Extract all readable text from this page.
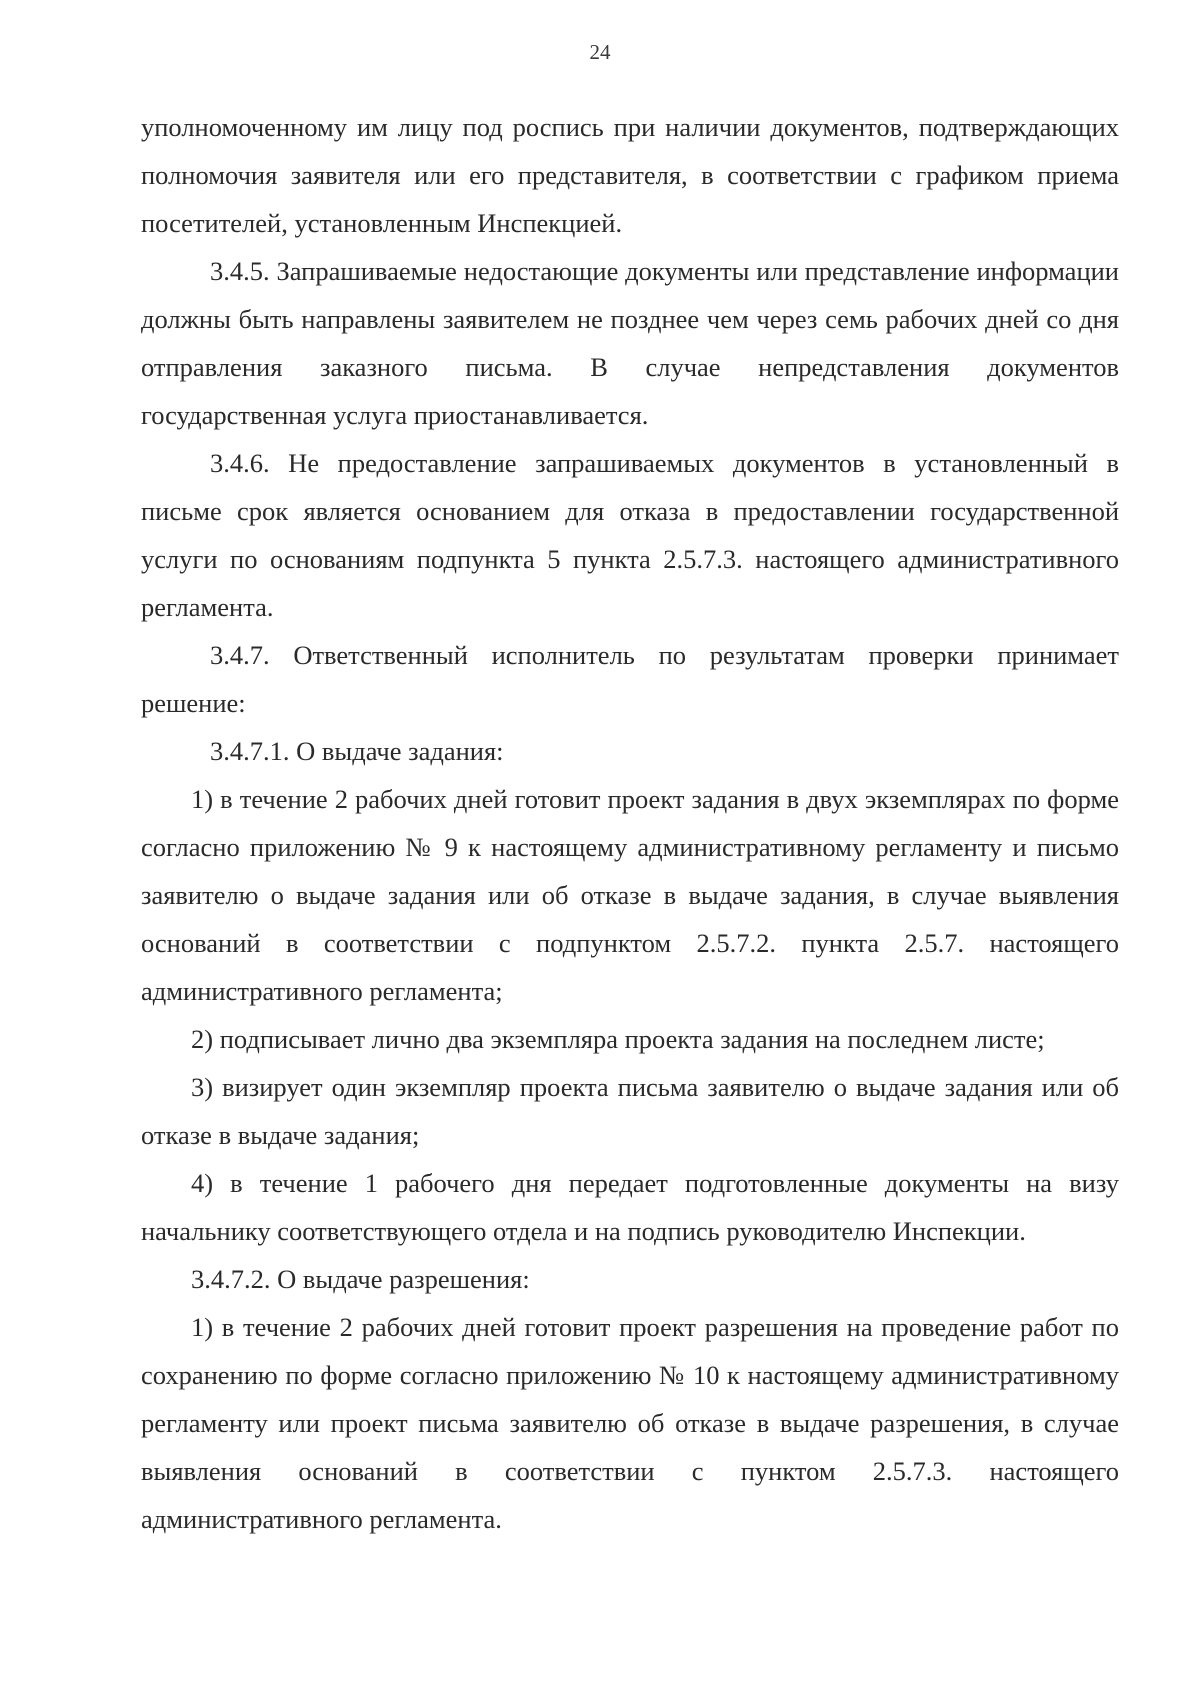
24

уполномоченному им лицу под роспись при наличии документов, подтверждающих полномочия заявителя или его представителя, в соответствии с графиком приема посетителей, установленным Инспекцией.

3.4.5. Запрашиваемые недостающие документы или представление информации должны быть направлены заявителем не позднее чем через семь рабочих дней со дня отправления заказного письма. В случае непредставления документов государственная услуга приостанавливается.

3.4.6. Не предоставление запрашиваемых документов в установленный в письме срок является основанием для отказа в предоставлении государственной услуги по основаниям подпункта 5 пункта 2.5.7.3. настоящего административного регламента.

3.4.7. Ответственный исполнитель по результатам проверки принимает решение:

3.4.7.1. О выдаче задания:

1) в течение 2 рабочих дней готовит проект задания в двух экземплярах по форме согласно приложению № 9 к настоящему административному регламенту и письмо заявителю о выдаче задания или об отказе в выдаче задания, в случае выявления оснований в соответствии с подпунктом 2.5.7.2. пункта 2.5.7. настоящего административного регламента;

2) подписывает лично два экземпляра проекта задания на последнем листе;

3) визирует один экземпляр проекта письма заявителю о выдаче задания или об отказе в выдаче задания;

4) в течение 1 рабочего дня передает подготовленные документы на визу начальнику соответствующего отдела и на подпись руководителю Инспекции.

3.4.7.2. О выдаче разрешения:

1) в течение 2 рабочих дней готовит проект разрешения на проведение работ по сохранению по форме согласно приложению № 10 к настоящему административному регламенту или проект письма заявителю об отказе в выдаче разрешения, в случае выявления оснований в соответствии с пунктом 2.5.7.3. настоящего административного регламента.
